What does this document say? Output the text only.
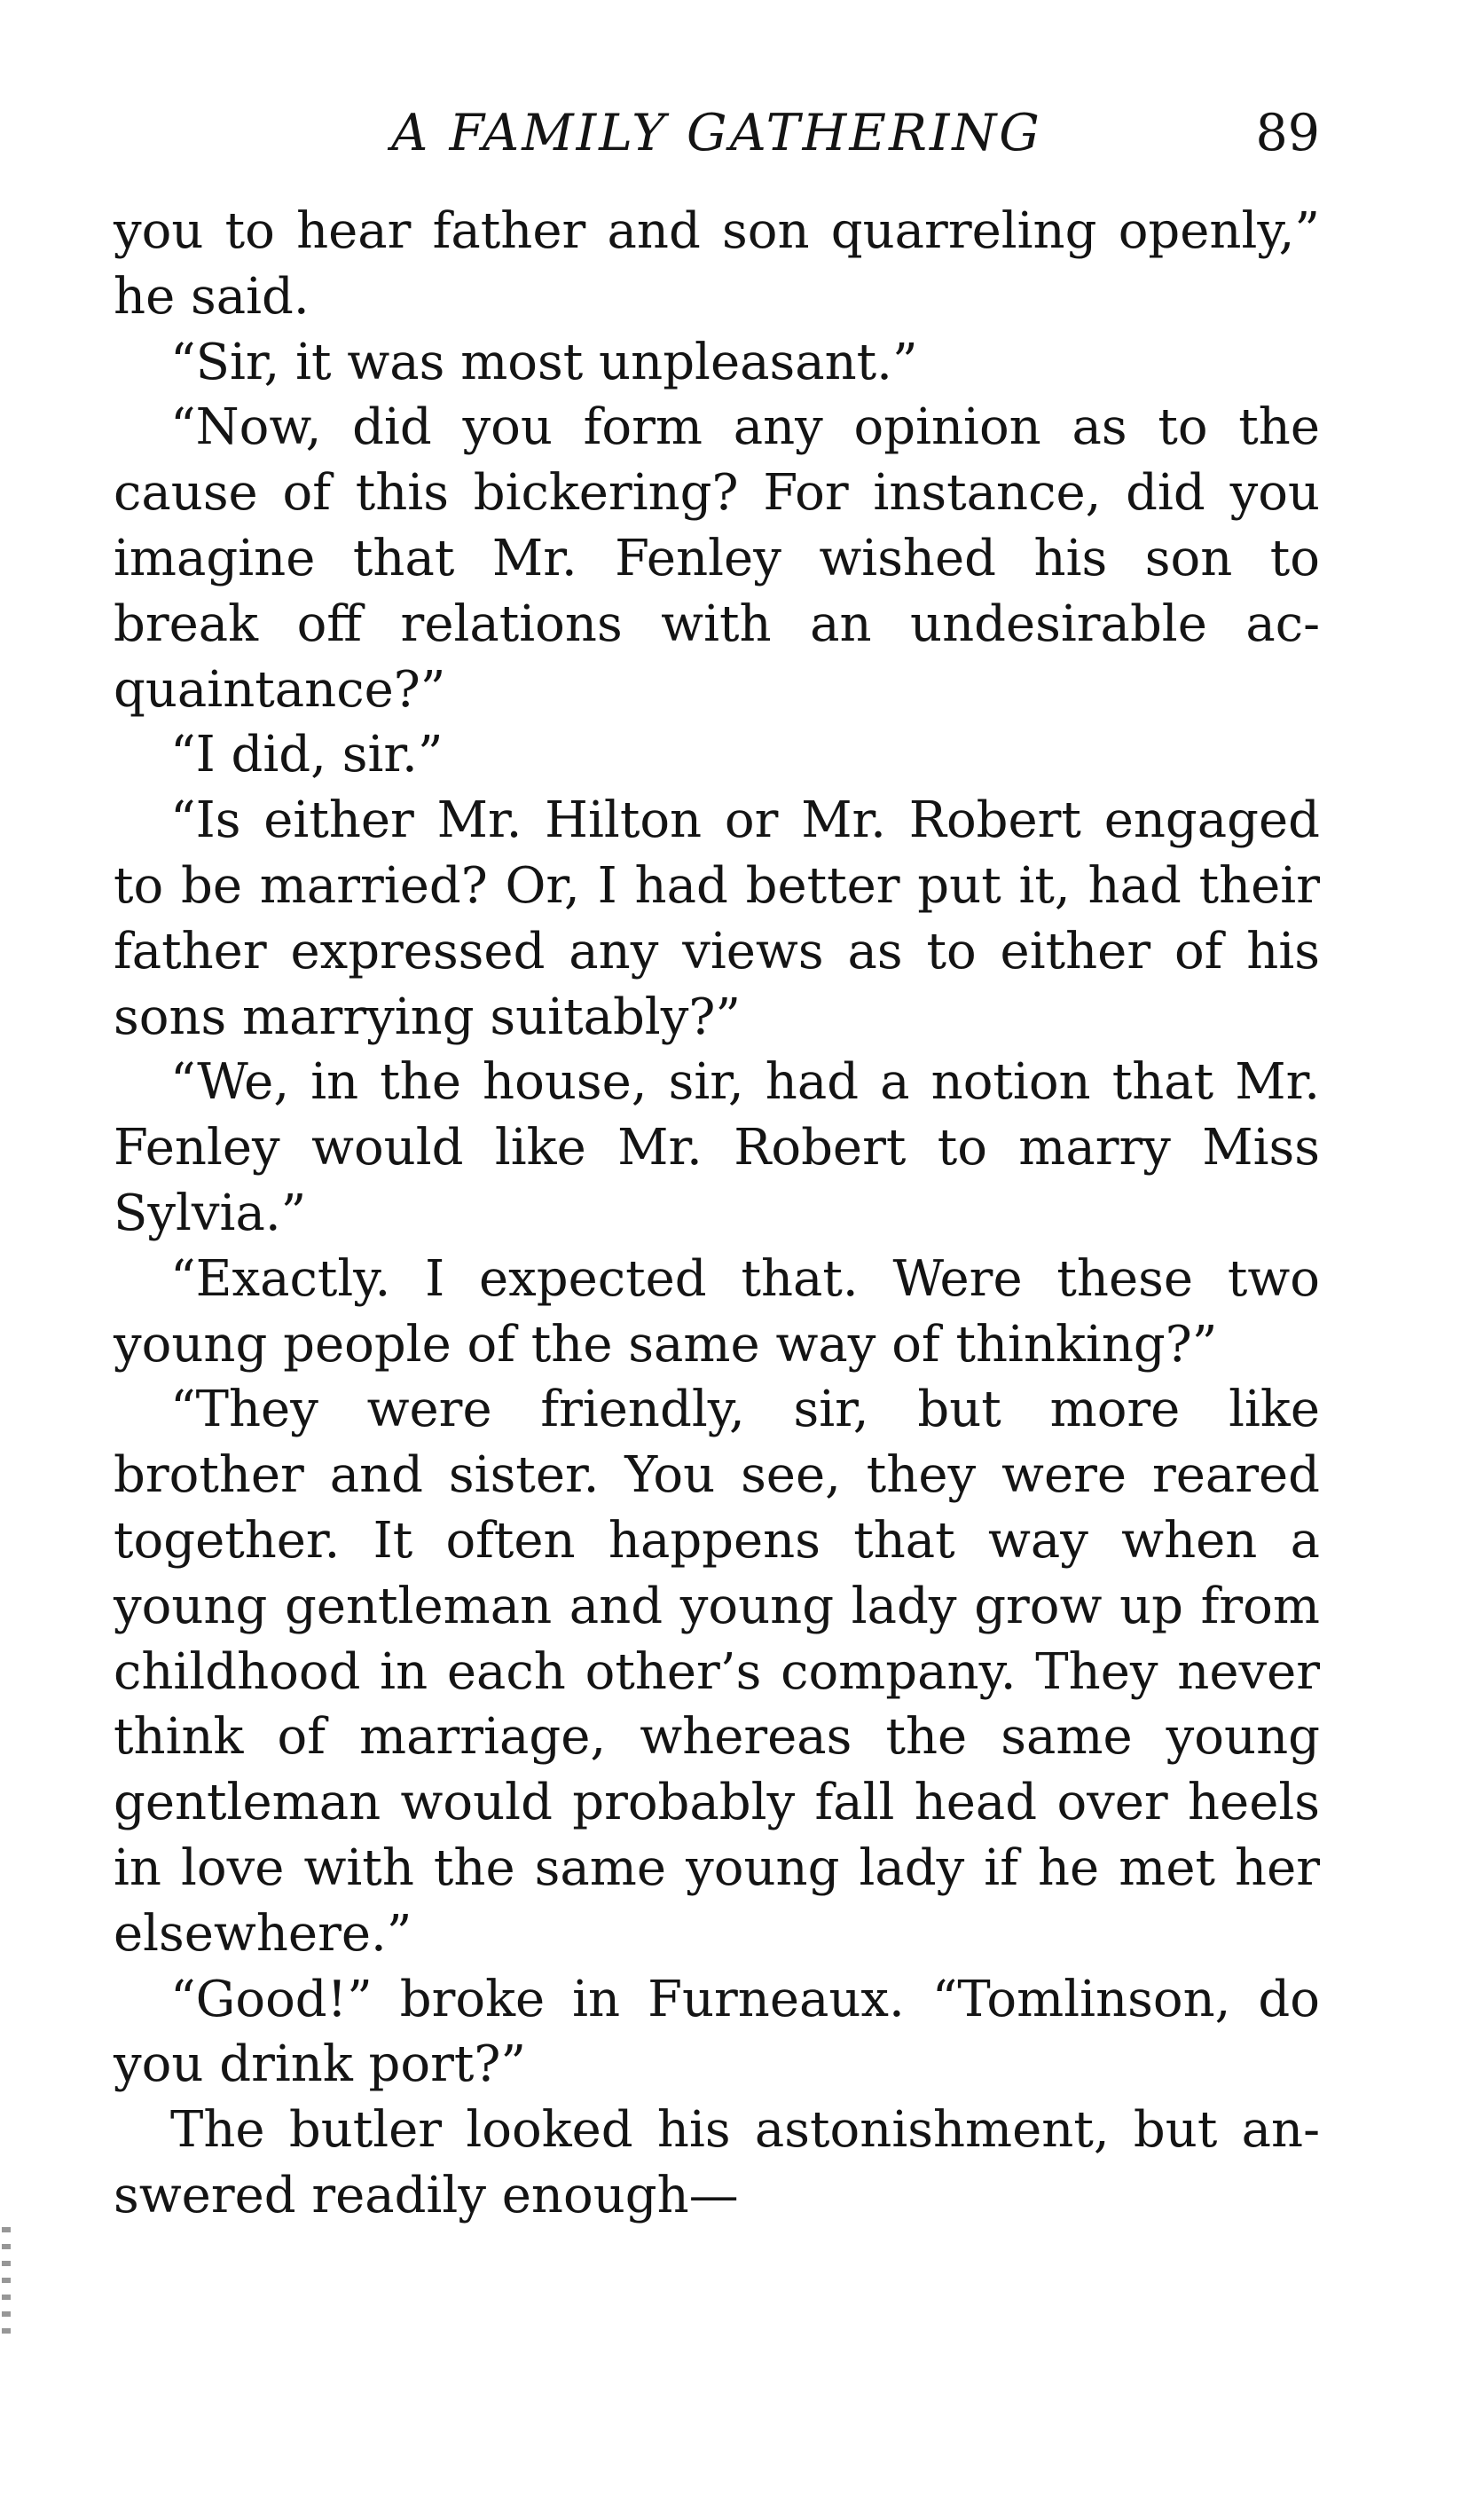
A FAMILY GATHERING	89

you to hear father and son quarreling openly,” he said.

“Sir, it was most unpleasant.”

“Now, did you form any opinion as to the cause of this bickering? For instance, did you imagine that Mr. Fenley wished his son to break off relations with an undesirable acquaintance?”

“I did, sir.”

“Is either Mr. Hilton or Mr. Robert engaged to be married? Or, I had better put it, had their father expressed any views as to either of his sons marrying suitably?”

“We, in the house, sir, had a notion that Mr. Fenley would like Mr. Robert to marry Miss Sylvia.”

“Exactly. I expected that. Were these two young people of the same way of thinking?”

“They were friendly, sir, but more like brother and sister. You see, they were reared together. It often happens that way when a young gentleman and young lady grow up from childhood in each other’s company. They never think of marriage, whereas the same young gentleman would probably fall head over heels in love with the same young lady if he met her elsewhere.”

“Good!” broke in Furneaux. “Tomlinson, do you drink port?”

The butler looked his astonishment, but answered readily enough—
